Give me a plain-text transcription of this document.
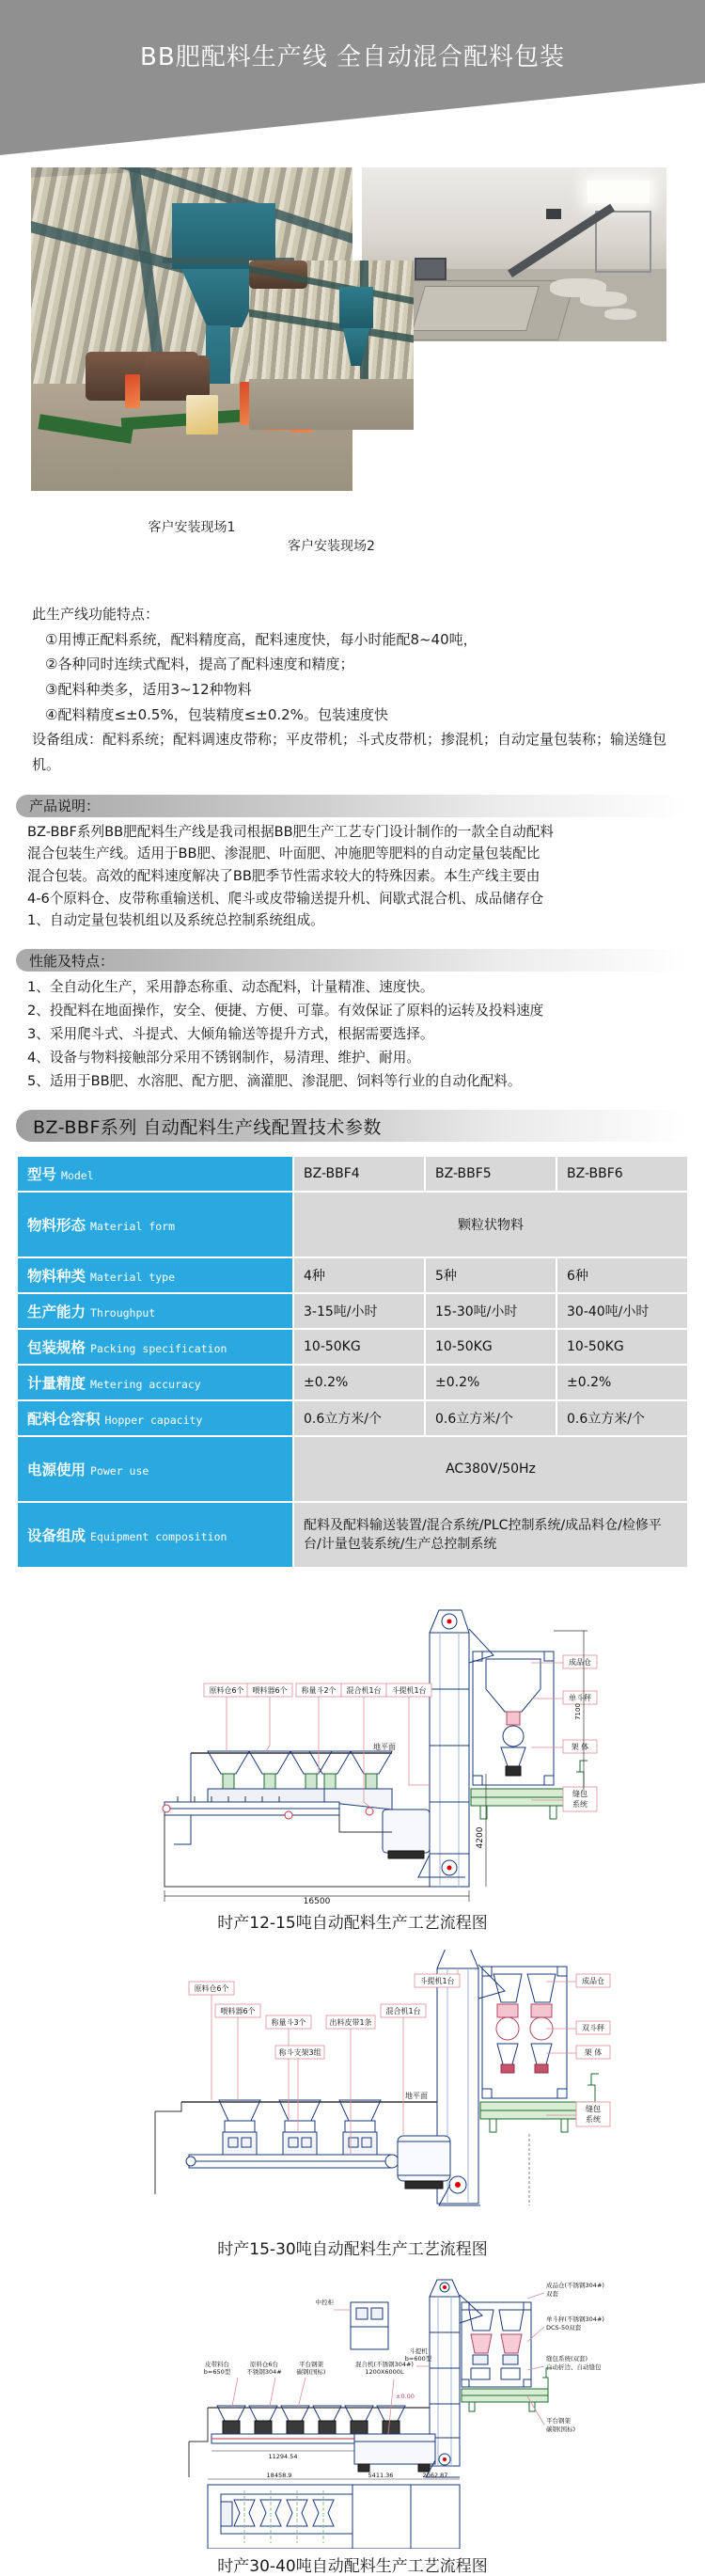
BB肥配料生产线 全自动混合配料包装
客户安装现场1
客户安装现场2
此生产线功能特点：
①用博正配料系统，配料精度高，配料速度快，每小时能配8~40吨，
②各种同时连续式配料，提高了配料速度和精度；
③配料种类多，适用3~12种物料
④配料精度≤±0.5%，包装精度≤±0.2%。包装速度快
设备组成：配料系统；配料调速皮带称；平皮带机；斗式皮带机；掺混机；自动定量包装称；输送缝包机。
产品说明：
BZ-BBF系列BB肥配料生产线是我司根据BB肥生产工艺专门设计制作的一款全自动配料
混合包装生产线。适用于BB肥、渗混肥、叶面肥、冲施肥等肥料的自动定量包装配比
混合包装。高效的配料速度解决了BB肥季节性需求较大的特殊因素。本生产线主要由
4-6个原料仓、皮带称重输送机、爬斗或皮带输送提升机、间歇式混合机、成品储存仓
1、自动定量包装机组以及系统总控制系统组成。
性能及特点：
1、全自动化生产，采用静态称重、动态配料，计量精准、速度快。
2、投配料在地面操作，安全、便捷、方便、可靠。有效保证了原料的运转及投料速度
3、采用爬斗式、斗提式、大倾角输送等提升方式，根据需要选择。
4、设备与物料接触部分采用不锈钢制作，易清理、维护、耐用。
5、适用于BB肥、水溶肥、配方肥、滴灌肥、渗混肥、饲料等行业的自动化配料。
BZ-BBF系列 自动配料生产线配置技术参数
型号 Model	BZ-BBF4	BZ-BBF5	BZ-BBF6
物料形态 Material form	颗粒状物料		
物料种类 Material type	4种	5种	6种
生产能力 Throughput	3-15吨/小时	15-30吨/小时	30-40吨/小时
包装规格 Packing specification	10-50KG	10-50KG	10-50KG
计量精度 Metering accuracy	±0.2%	±0.2%	±0.2%
配料仓容积 Hopper capacity	0.6立方米/个	0.6立方米/个	0.6立方米/个
电源使用 Power use	AC380V/50Hz		
设备组成 Equipment composition	配料及配料输送装置/混合系统/PLC控制系统/成品料仓/检修平台/计量包装系统/生产总控制系统		
原料仓6个 喂料器6个 称量斗2个 混合机1台 斗提机1台
成品仓
单斗秤
架 体
缝包
系统
地平面
16500
4200
7100
时产12-15吨自动配料生产工艺流程图
原料仓6个
喂料器6个
称量斗3个
称斗支架3组
出料皮带1条
混合机1台
斗提机1台	成品仓
双斗秤
架 体
缝包
系统
地平面
时产15-30吨自动配料生产工艺流程图
皮带料台
b=650型
原料仓6台
不锈钢304#
平台钢架
碳钢(国标)
混合机(不锈钢304#)
1200X6000L
斗提机
b=600型
中控柜
成品仓(不锈钢304#)
双套
单斗秤(不锈钢304#)
DCS-50双套
缝包系统(双套)
自动折边、自动缝包
平台钢架
碳钢(国标)
±0.00
11294.54
18458.9	5411.36	2062.87
时产30-40吨自动配料生产工艺流程图
